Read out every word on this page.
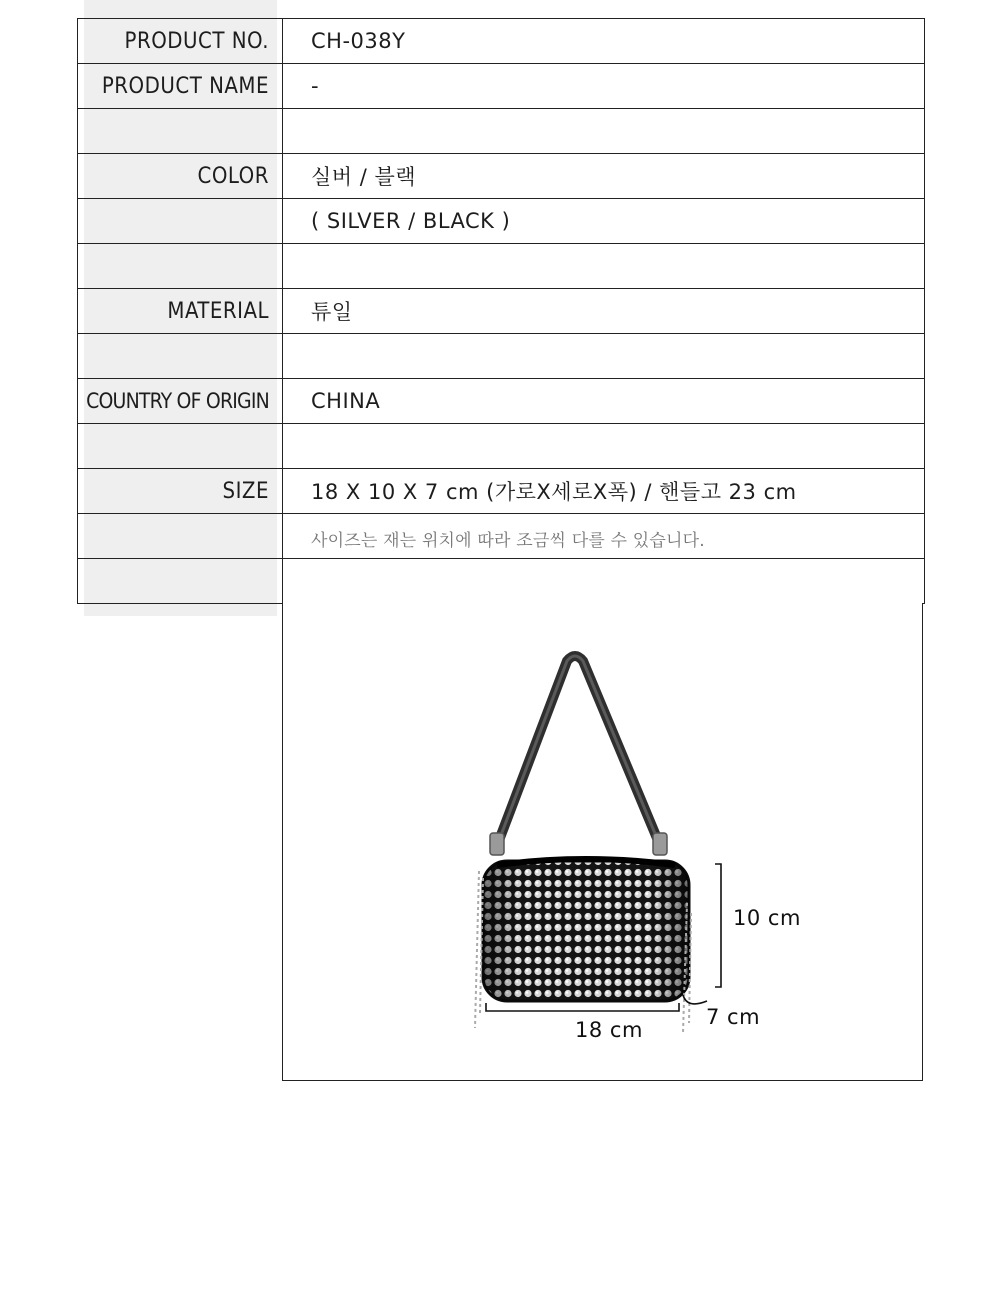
PRODUCT NO.	CH-038Y
PRODUCT NAME	-
COLOR	실버 / 블랙
( SILVER / BLACK )
MATERIAL	튜일
COUNTRY OF ORIGIN	CHINA
SIZE	18 X 10 X 7 cm (가로X세로X폭) / 핸들고 23 cm
사이즈는 재는 위치에 따라 조금씩 다를 수 있습니다.
10 cm
18 cm
7 cm
